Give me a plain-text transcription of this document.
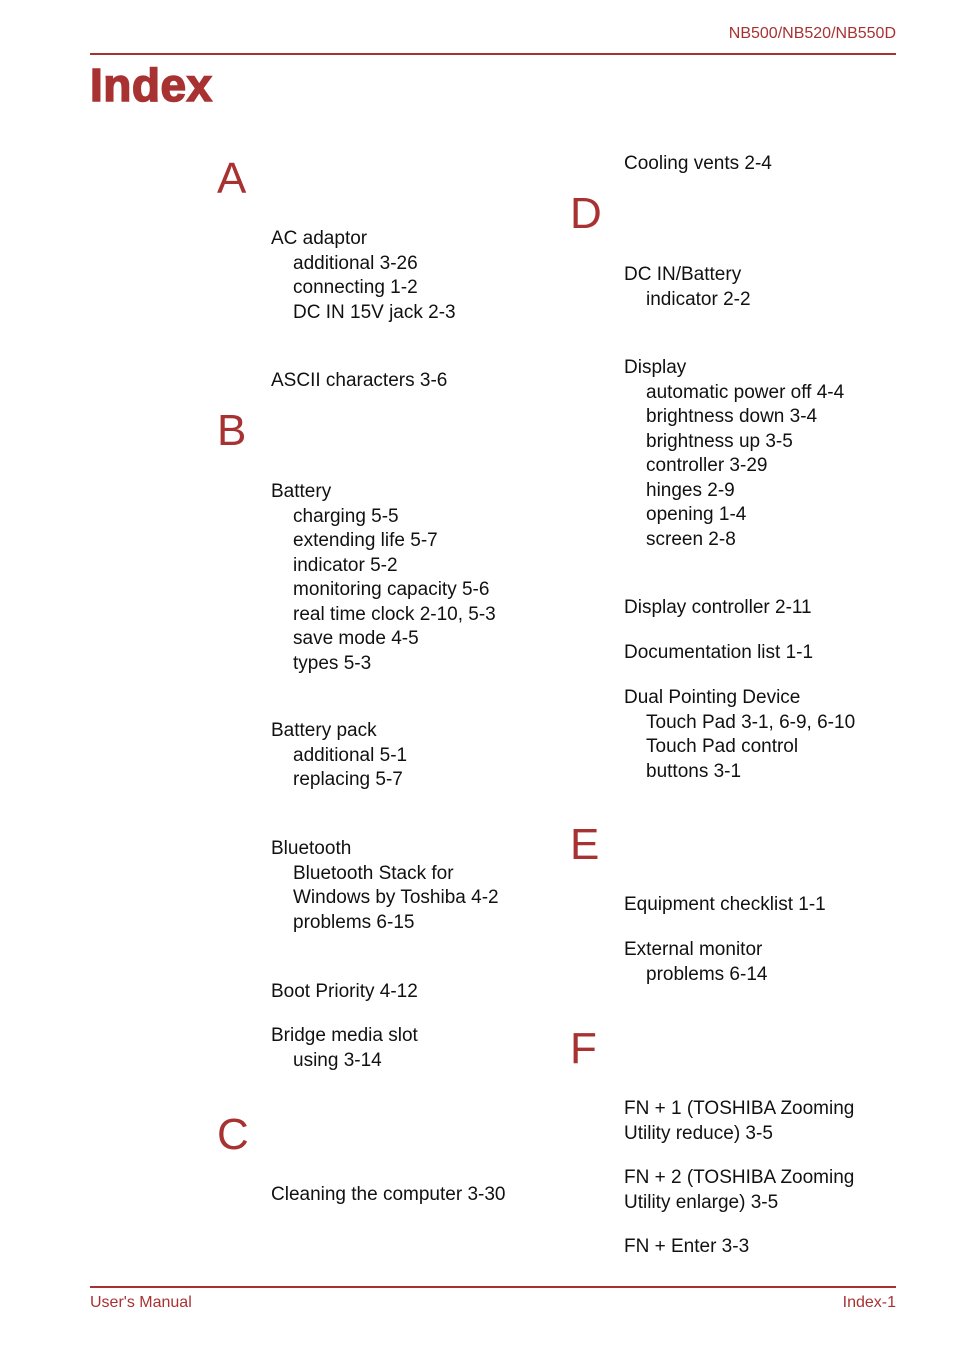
NB500/NB520/NB550D
Index
A
AC adaptor
additional 3-26
connecting 1-2
DC IN 15V jack 2-3
ASCII characters 3-6
B
Battery
charging 5-5
extending life 5-7
indicator 5-2
monitoring capacity 5-6
real time clock 2-10, 5-3
save mode 4-5
types 5-3
Battery pack
additional 5-1
replacing 5-7
Bluetooth
Bluetooth Stack for
Windows by Toshiba 4-2
problems 6-15
Boot Priority 4-12
Bridge media slot
using 3-14
C
Cleaning the computer 3-30
Cooling vents 2-4
D
DC IN/Battery
indicator 2-2
Display
automatic power off 4-4
brightness down 3-4
brightness up 3-5
controller 3-29
hinges 2-9
opening 1-4
screen 2-8
Display controller 2-11
Documentation list 1-1
Dual Pointing Device
Touch Pad 3-1, 6-9, 6-10
Touch Pad control
buttons 3-1
E
Equipment checklist 1-1
External monitor
problems 6-14
F
FN + 1 (TOSHIBA Zooming
Utility reduce) 3-5
FN + 2 (TOSHIBA Zooming
Utility enlarge) 3-5
FN + Enter 3-3
User's Manual	Index-1
